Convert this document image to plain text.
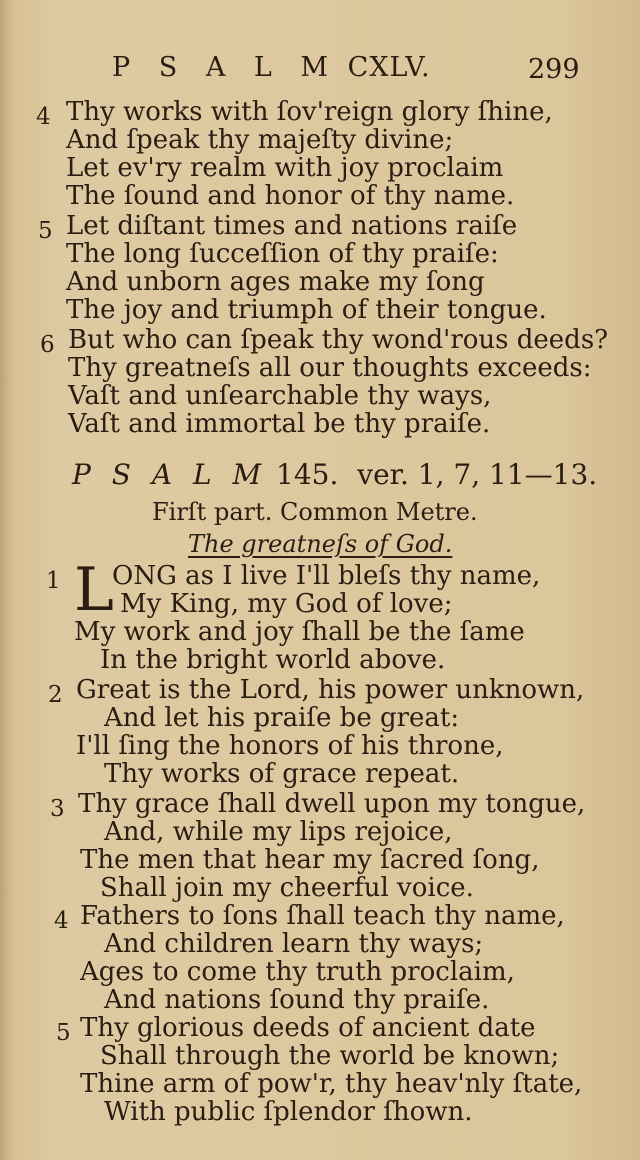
P S A L M CXLV.	299
4 Thy works with ſov'reign glory ſhine,
And ſpeak thy majeſty divine;
Let ev'ry realm with joy proclaim
The ſound and honor of thy name.
5 Let diſtant times and nations raiſe
The long ſucceſſion of thy praiſe:
And unborn ages make my ſong
The joy and triumph of their tongue.
6 But who can ſpeak thy wond'rous deeds?
Thy greatneſs all our thoughts exceeds:
Vaſt and unſearchable thy ways,
Vaſt and immortal be thy praiſe.
P S A L M 145. ver. 1, 7, 11—13.
Firſt part. Common Metre.
The greatneſs of God.
1 L
ONG as I live I'll bleſs thy name,
My King, my God of love;
My work and joy ſhall be the ſame
In the bright world above.
2 Great is the Lord, his power unknown,
And let his praiſe be great:
I'll ſing the honors of his throne,
Thy works of grace repeat.
3 Thy grace ſhall dwell upon my tongue,
And, while my lips rejoice,
The men that hear my ſacred ſong,
Shall join my cheerful voice.
4 Fathers to ſons ſhall teach thy name,
And children learn thy ways;
Ages to come thy truth proclaim,
And nations ſound thy praiſe.
5 Thy glorious deeds of ancient date
Shall through the world be known;
Thine arm of pow'r, thy heav'nly ſtate,
With public ſplendor ſhown.
